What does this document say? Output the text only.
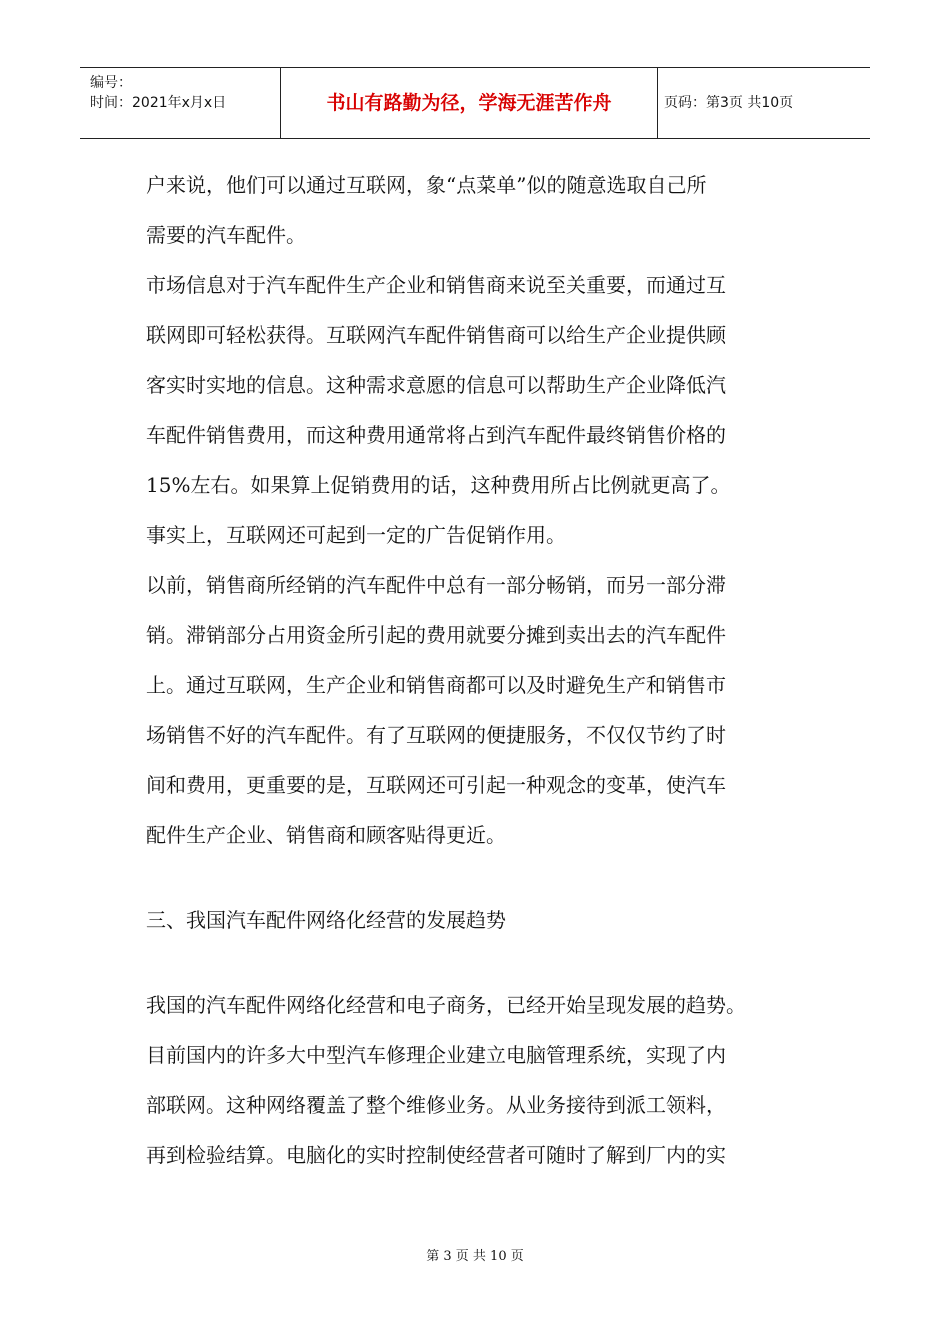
编号：
时间：2021年x月x日	书山有路勤为径，学海无涯苦作舟	页码：第3页 共10页

户来说，他们可以通过互联网，象“点菜单”似的随意选取自己所

需要的汽车配件。

市场信息对于汽车配件生产企业和销售商来说至关重要，而通过互

联网即可轻松获得。互联网汽车配件销售商可以给生产企业提供顾

客实时实地的信息。这种需求意愿的信息可以帮助生产企业降低汽

车配件销售费用，而这种费用通常将占到汽车配件最终销售价格的

15%左右。如果算上促销费用的话，这种费用所占比例就更高了。

事实上，互联网还可起到一定的广告促销作用。

以前，销售商所经销的汽车配件中总有一部分畅销，而另一部分滞

销。滞销部分占用资金所引起的费用就要分摊到卖出去的汽车配件

上。通过互联网，生产企业和销售商都可以及时避免生产和销售市

场销售不好的汽车配件。有了互联网的便捷服务，不仅仅节约了时

间和费用，更重要的是，互联网还可引起一种观念的变革，使汽车

配件生产企业、销售商和顾客贴得更近。

三、我国汽车配件网络化经营的发展趋势

我国的汽车配件网络化经营和电子商务，已经开始呈现发展的趋势。

目前国内的许多大中型汽车修理企业建立电脑管理系统，实现了内

部联网。这种网络覆盖了整个维修业务。从业务接待到派工领料，

再到检验结算。电脑化的实时控制使经营者可随时了解到厂内的实

第 3 页 共 10 页
